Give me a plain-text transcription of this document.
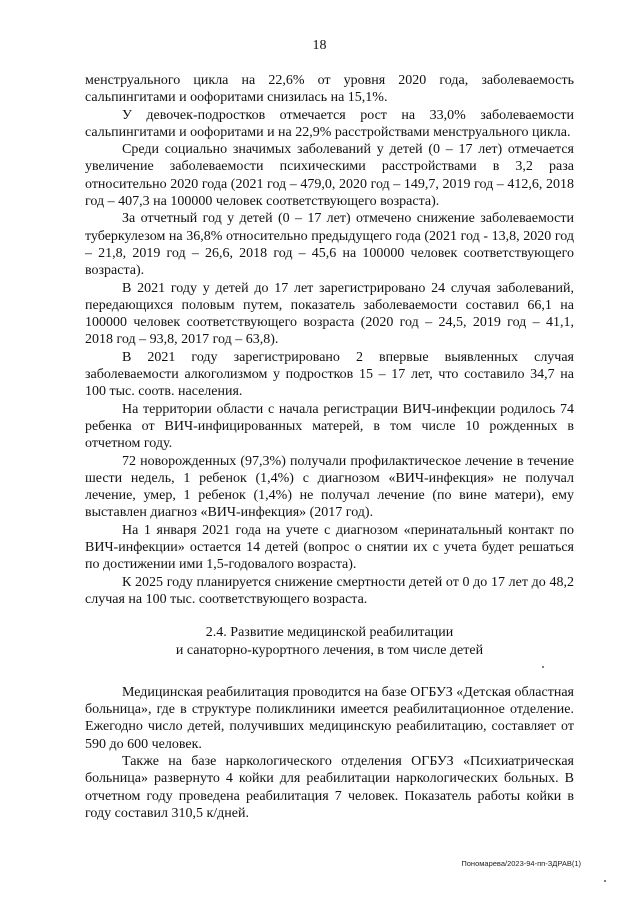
18

менструального цикла на 22,6% от уровня 2020 года, заболеваемость сальпингитами и оофоритами снизилась на 15,1%.

У девочек-подростков отмечается рост на 33,0% заболеваемости сальпингитами и оофоритами и на 22,9% расстройствами менструального цикла.

Среди социально значимых заболеваний у детей (0 – 17 лет) отмечается увеличение заболеваемости психическими расстройствами в 3,2 раза относительно 2020 года (2021 год – 479,0, 2020 год – 149,7, 2019 год – 412,6, 2018 год – 407,3 на 100000 человек соответствующего возраста).

За отчетный год у детей (0 – 17 лет) отмечено снижение заболеваемости туберкулезом на 36,8% относительно предыдущего года (2021 год - 13,8, 2020 год – 21,8, 2019 год – 26,6, 2018 год – 45,6 на 100000 человек соответствующего возраста).

В 2021 году у детей до 17 лет зарегистрировано 24 случая заболеваний, передающихся половым путем, показатель заболеваемости составил 66,1 на 100000 человек соответствующего возраста (2020 год – 24,5, 2019 год – 41,1, 2018 год – 93,8, 2017 год – 63,8).

В 2021 году зарегистрировано 2 впервые выявленных случая заболеваемости алкоголизмом у подростков 15 – 17 лет, что составило 34,7 на 100 тыс. соотв. населения.

На территории области с начала регистрации ВИЧ-инфекции родилось 74 ребенка от ВИЧ-инфицированных матерей, в том числе 10 рожденных в отчетном году.

72 новорожденных (97,3%) получали профилактическое лечение в течение шести недель, 1 ребенок (1,4%) с диагнозом «ВИЧ-инфекция» не получал лечение, умер, 1 ребенок (1,4%) не получал лечение (по вине матери), ему выставлен диагноз «ВИЧ-инфекция» (2017 год).

На 1 января 2021 года на учете с диагнозом «перинатальный контакт по ВИЧ-инфекции» остается 14 детей (вопрос о снятии их с учета будет решаться по достижении ими 1,5-годовалого возраста).

К 2025 году планируется снижение смертности детей от 0 до 17 лет до 48,2 случая на 100 тыс. соответствующего возраста.

2.4. Развитие медицинской реабилитации
и санаторно-курортного лечения, в том числе детей

Медицинская реабилитация проводится на базе ОГБУЗ «Детская областная больница», где в структуре поликлиники имеется реабилитационное отделение. Ежегодно число детей, получивших медицинскую реабилитацию, составляет от 590 до 600 человек.

Также на базе наркологического отделения ОГБУЗ «Психиатрическая больница» развернуто 4 койки для реабилитации наркологических больных. В отчетном году проведена реабилитация 7 человек. Показатель работы койки в году составил 310,5 к/дней.

Пономарева/2023-94-пп-ЗДРАВ(1)
